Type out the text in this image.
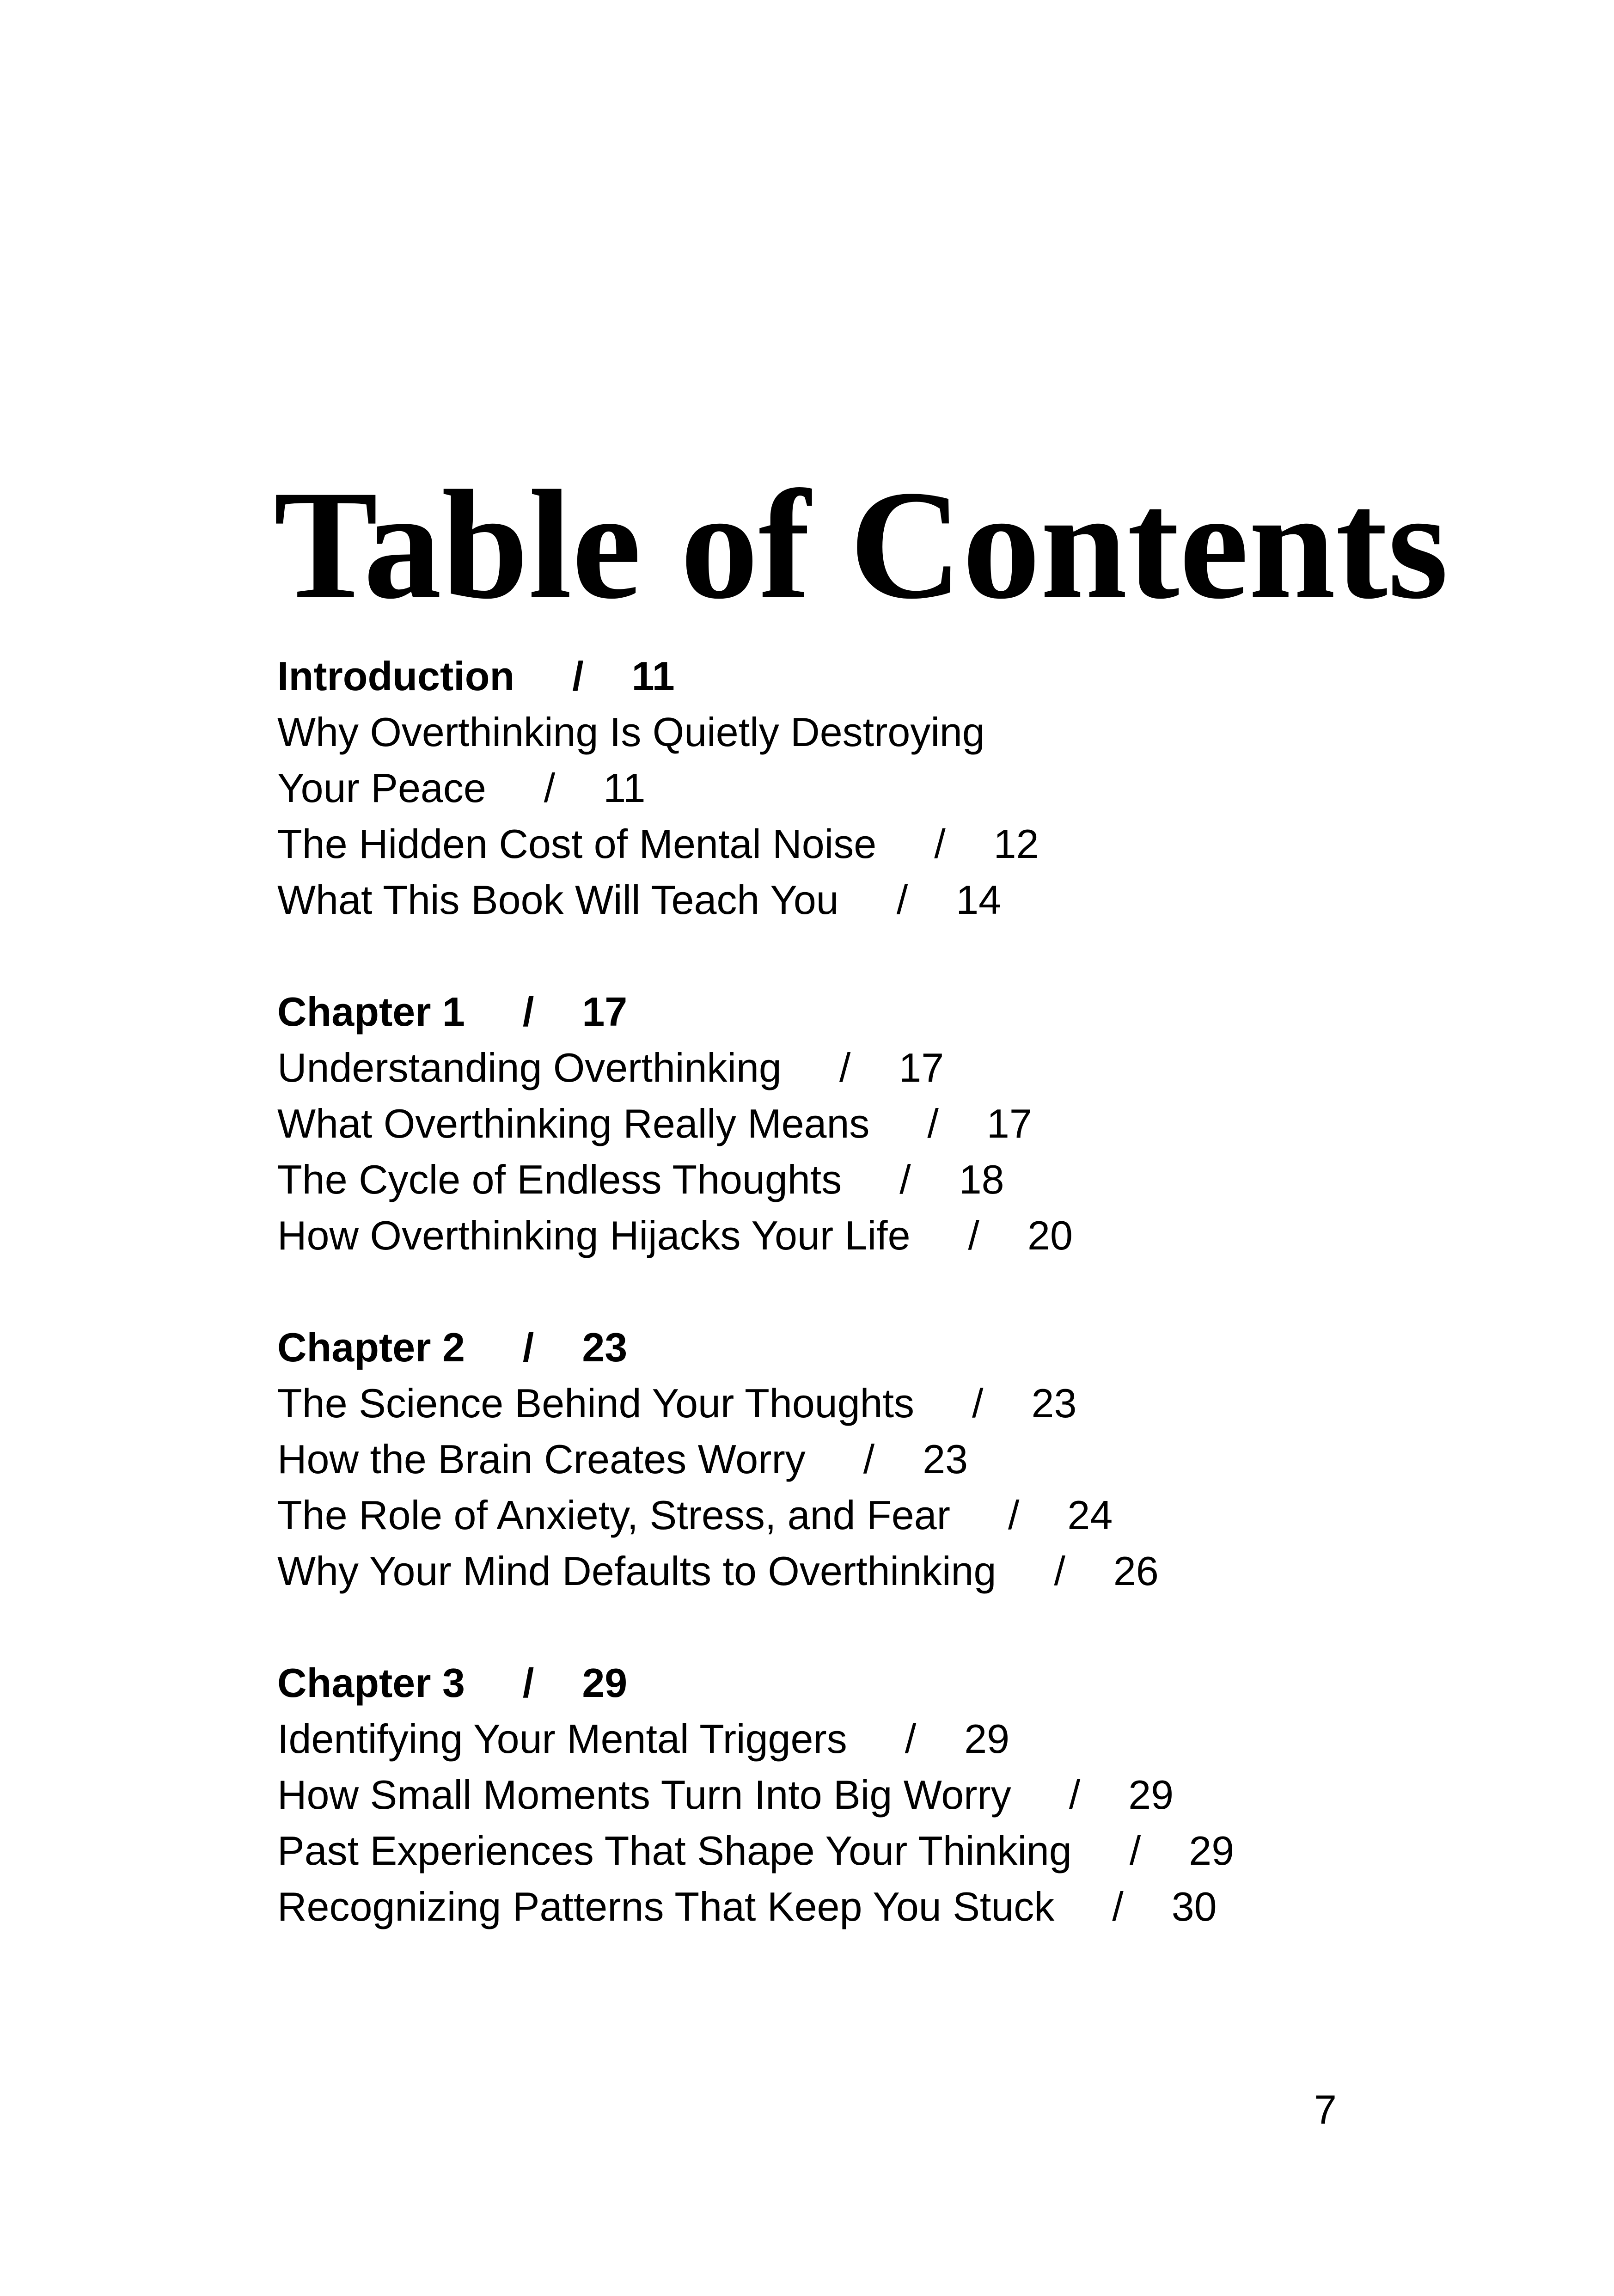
Table of Contents
Introduction / 11
Why Overthinking Is Quietly Destroying
Your Peace / 11
The Hidden Cost of Mental Noise / 12
What This Book Will Teach You / 14
Chapter 1 / 17
Understanding Overthinking / 17
What Overthinking Really Means / 17
The Cycle of Endless Thoughts / 18
How Overthinking Hijacks Your Life / 20
Chapter 2 / 23
The Science Behind Your Thoughts / 23
How the Brain Creates Worry / 23
The Role of Anxiety, Stress, and Fear / 24
Why Your Mind Defaults to Overthinking / 26
Chapter 3 / 29
Identifying Your Mental Triggers / 29
How Small Moments Turn Into Big Worry / 29
Past Experiences That Shape Your Thinking / 29
Recognizing Patterns That Keep You Stuck / 30
7
